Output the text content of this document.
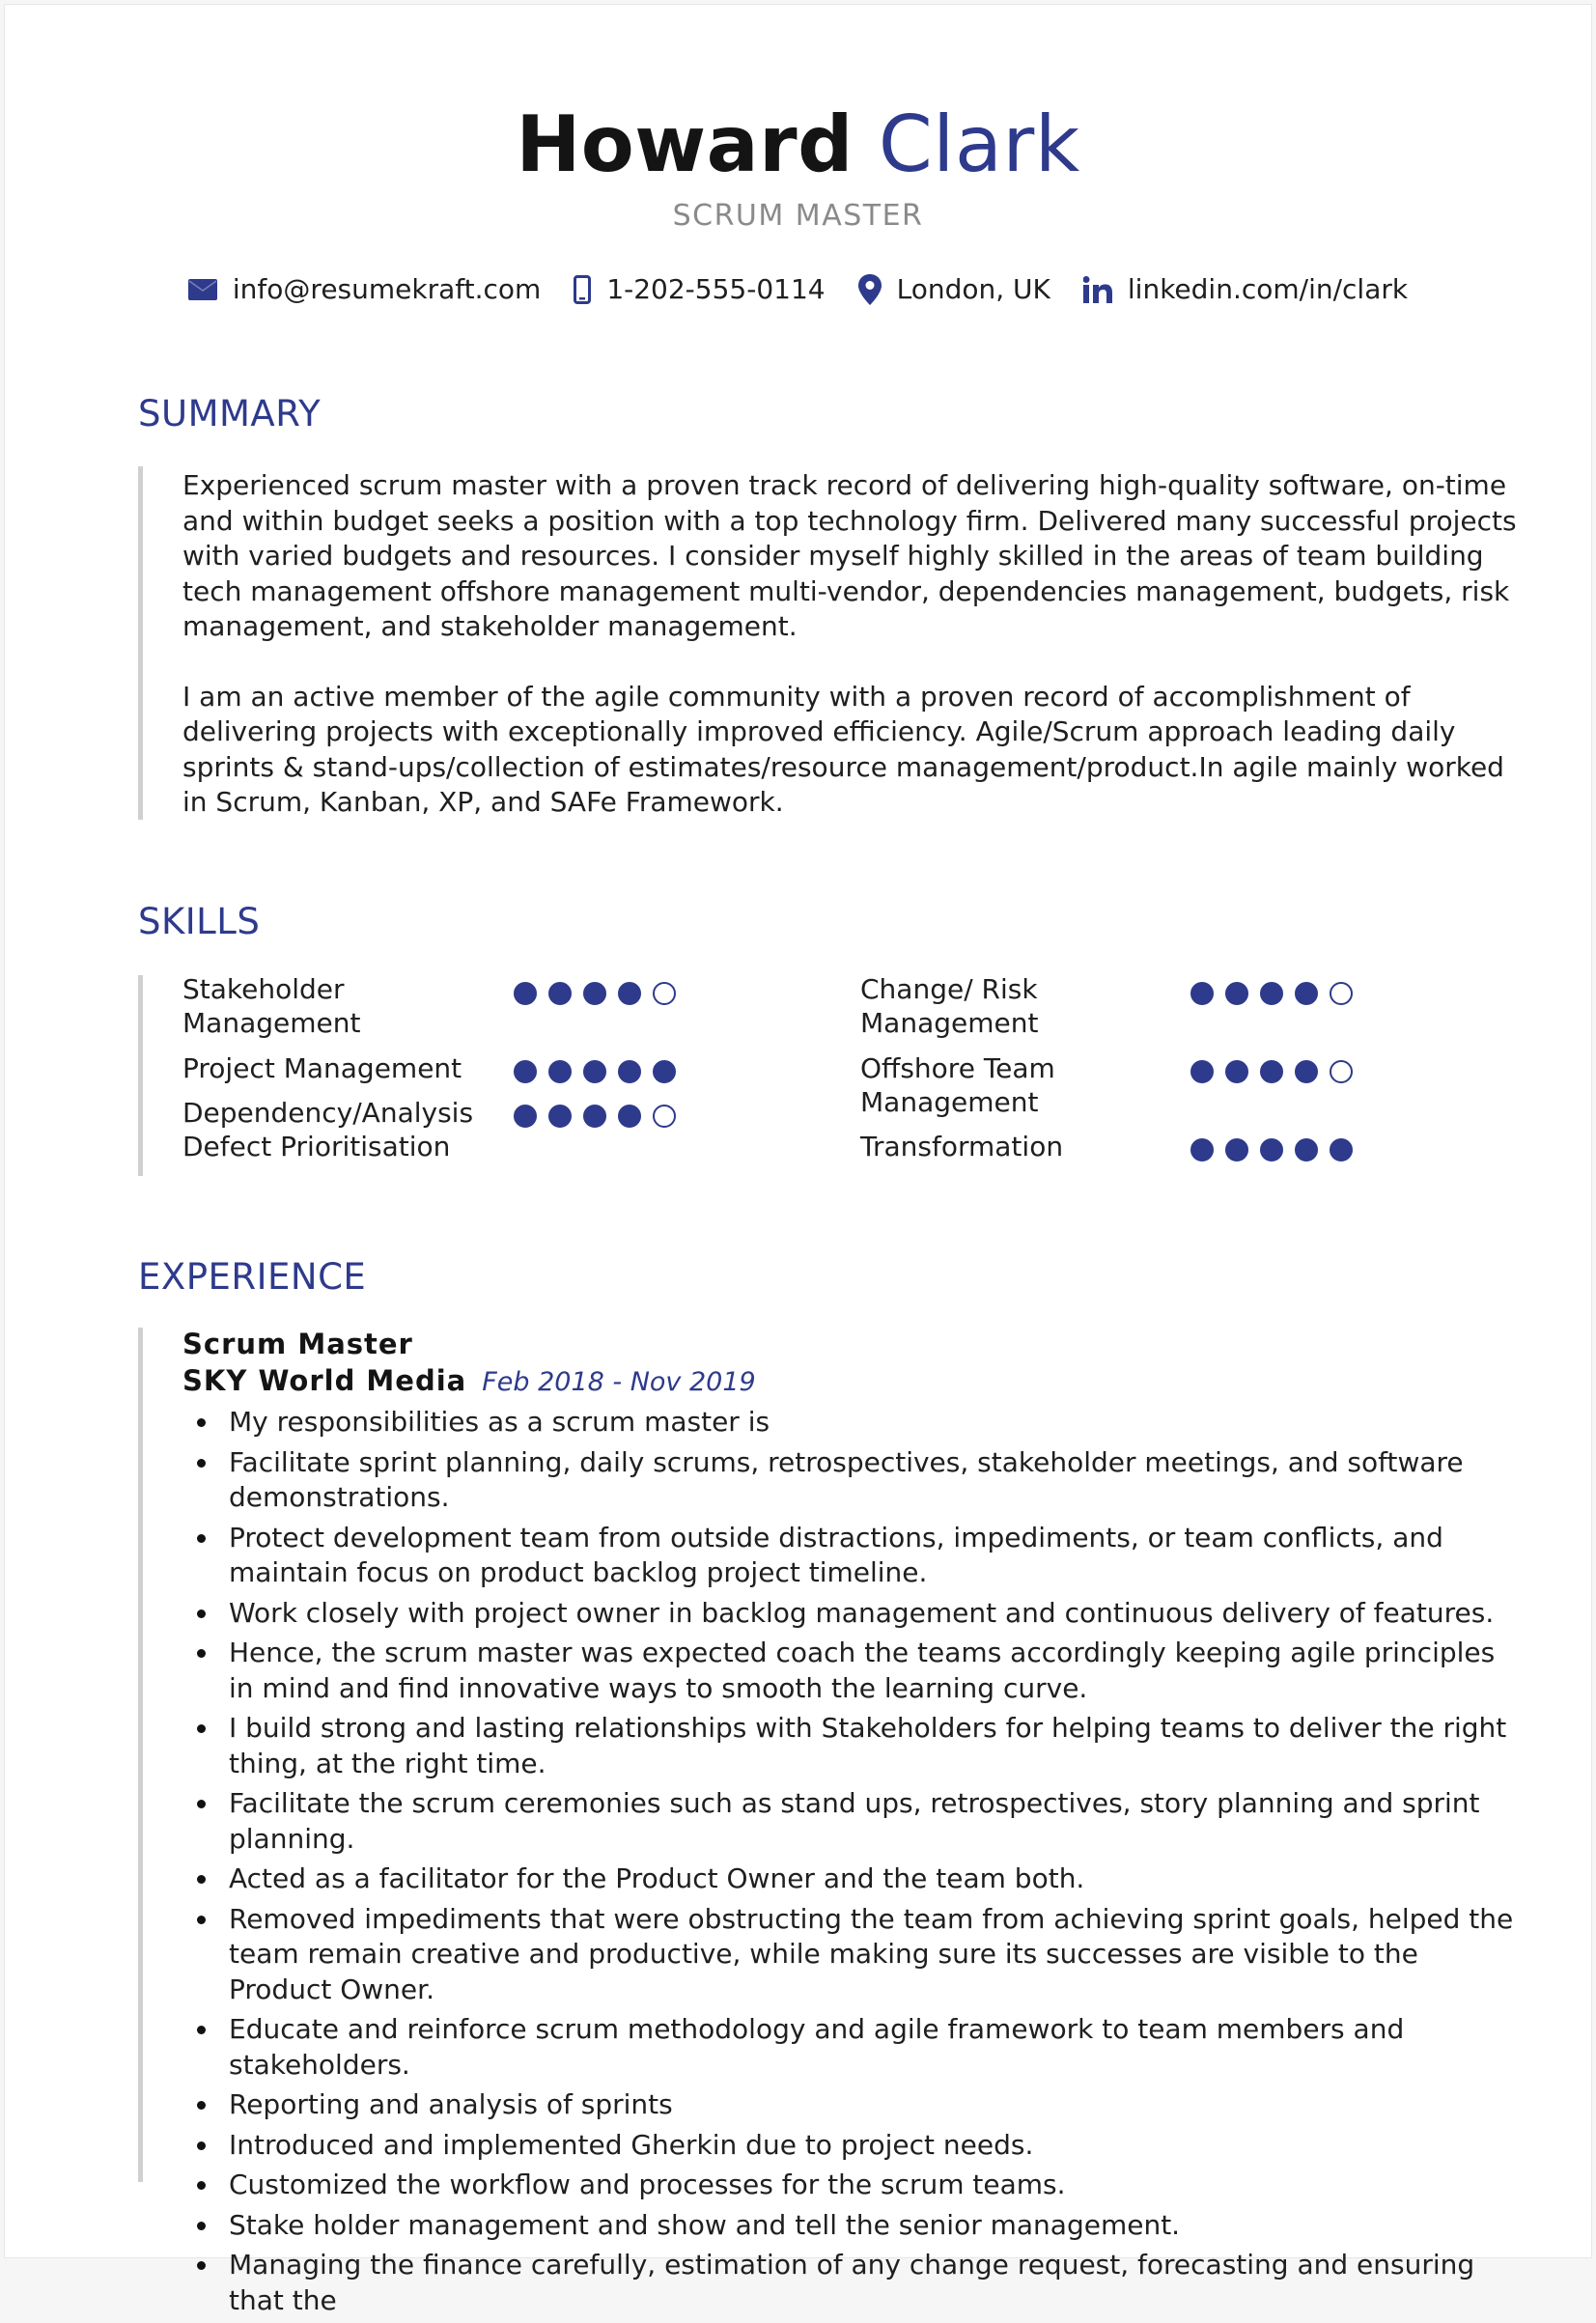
Howard Clark
SCRUM MASTER
info@resumekraft.com 1-202-555-0114	London, UK	linkedin.com/in/clark
SUMMARY

Experienced scrum master with a proven track record of delivering high-quality software, on-time and within budget seeks a position with a top technology firm. Delivered many successful projects with varied budgets and resources. I consider myself highly skilled in the areas of team building tech management offshore management multi-vendor, dependencies management, budgets, risk management, and stakeholder management.

I am an active member of the agile community with a proven record of accomplishment of delivering projects with exceptionally improved efficiency. Agile/Scrum approach leading daily sprints & stand-ups/collection of estimates/resource management/product.In agile mainly worked in Scrum, Kanban, XP, and SAFe Framework.

SKILLS
Stakeholder
Management
Project Management
Dependency/Analysis
Defect Prioritisation
Change/ Risk
Management
Offshore Team
Management
Transformation
EXPERIENCE
Scrum Master
SKY World Media Feb 2018 - Nov 2019
My responsibilities as a scrum master is
Facilitate sprint planning, daily scrums, retrospectives, stakeholder meetings, and software demonstrations.
Protect development team from outside distractions, impediments, or team conflicts, and maintain focus on product backlog project timeline.
Work closely with project owner in backlog management and continuous delivery of features.
Hence, the scrum master was expected coach the teams accordingly keeping agile principles in mind and find innovative ways to smooth the learning curve.
I build strong and lasting relationships with Stakeholders for helping teams to deliver the right thing, at the right time.
Facilitate the scrum ceremonies such as stand ups, retrospectives, story planning and sprint planning.
Acted as a facilitator for the Product Owner and the team both.
Removed impediments that were obstructing the team from achieving sprint goals, helped the team remain creative and productive, while making sure its successes are visible to the Product Owner.
Educate and reinforce scrum methodology and agile framework to team members and stakeholders.
Reporting and analysis of sprints
Introduced and implemented Gherkin due to project needs.
Customized the workflow and processes for the scrum teams.
Stake holder management and show and tell the senior management.
Managing the finance carefully, estimation of any change request, forecasting and ensuring that the
